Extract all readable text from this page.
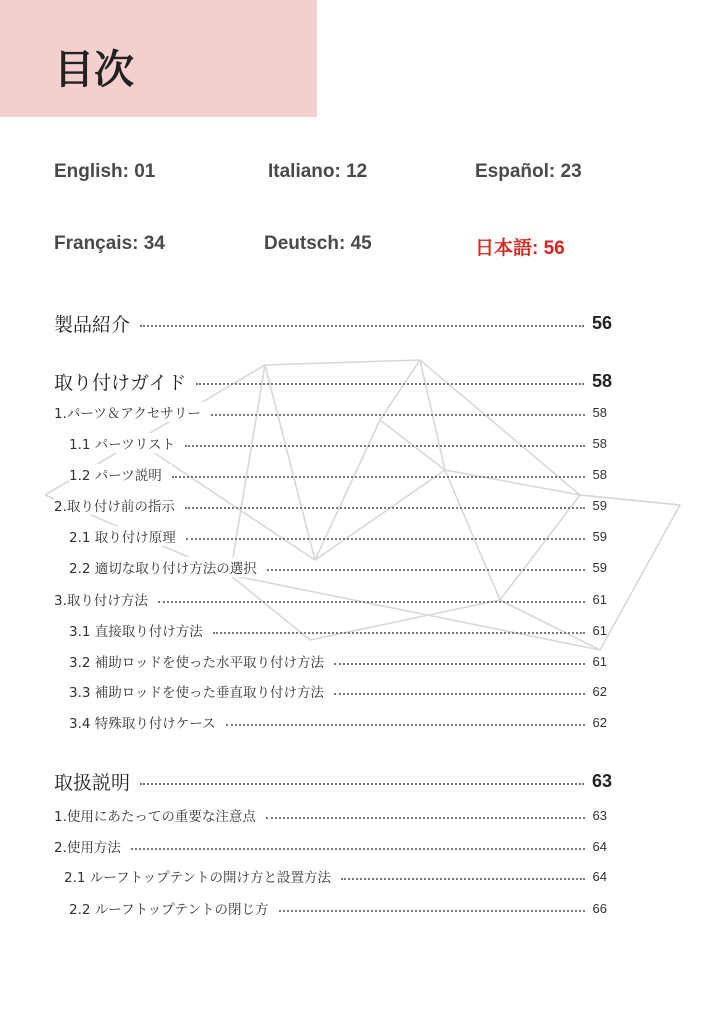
目次
English: 01	Italiano: 12	Español: 23
Français: 34	Deutsch: 45	日本語: 56
製品紹介	56
取り付けガイド	58
1.パーツ＆アクセサリー	58
1.1 パーツリスト	58
1.2 パーツ説明	58
2.取り付け前の指示	59
2.1 取り付け原理	59
2.2 適切な取り付け方法の選択	59
3.取り付け方法	61
3.1 直接取り付け方法	61
3.2 補助ロッドを使った水平取り付け方法	61
3.3 補助ロッドを使った垂直取り付け方法	62
3.4 特殊取り付けケース	62
取扱説明	63
1.使用にあたっての重要な注意点	63
2.使用方法	64
2.1 ルーフトップテントの開け方と設置方法	64
2.2 ルーフトップテントの閉じ方	66
